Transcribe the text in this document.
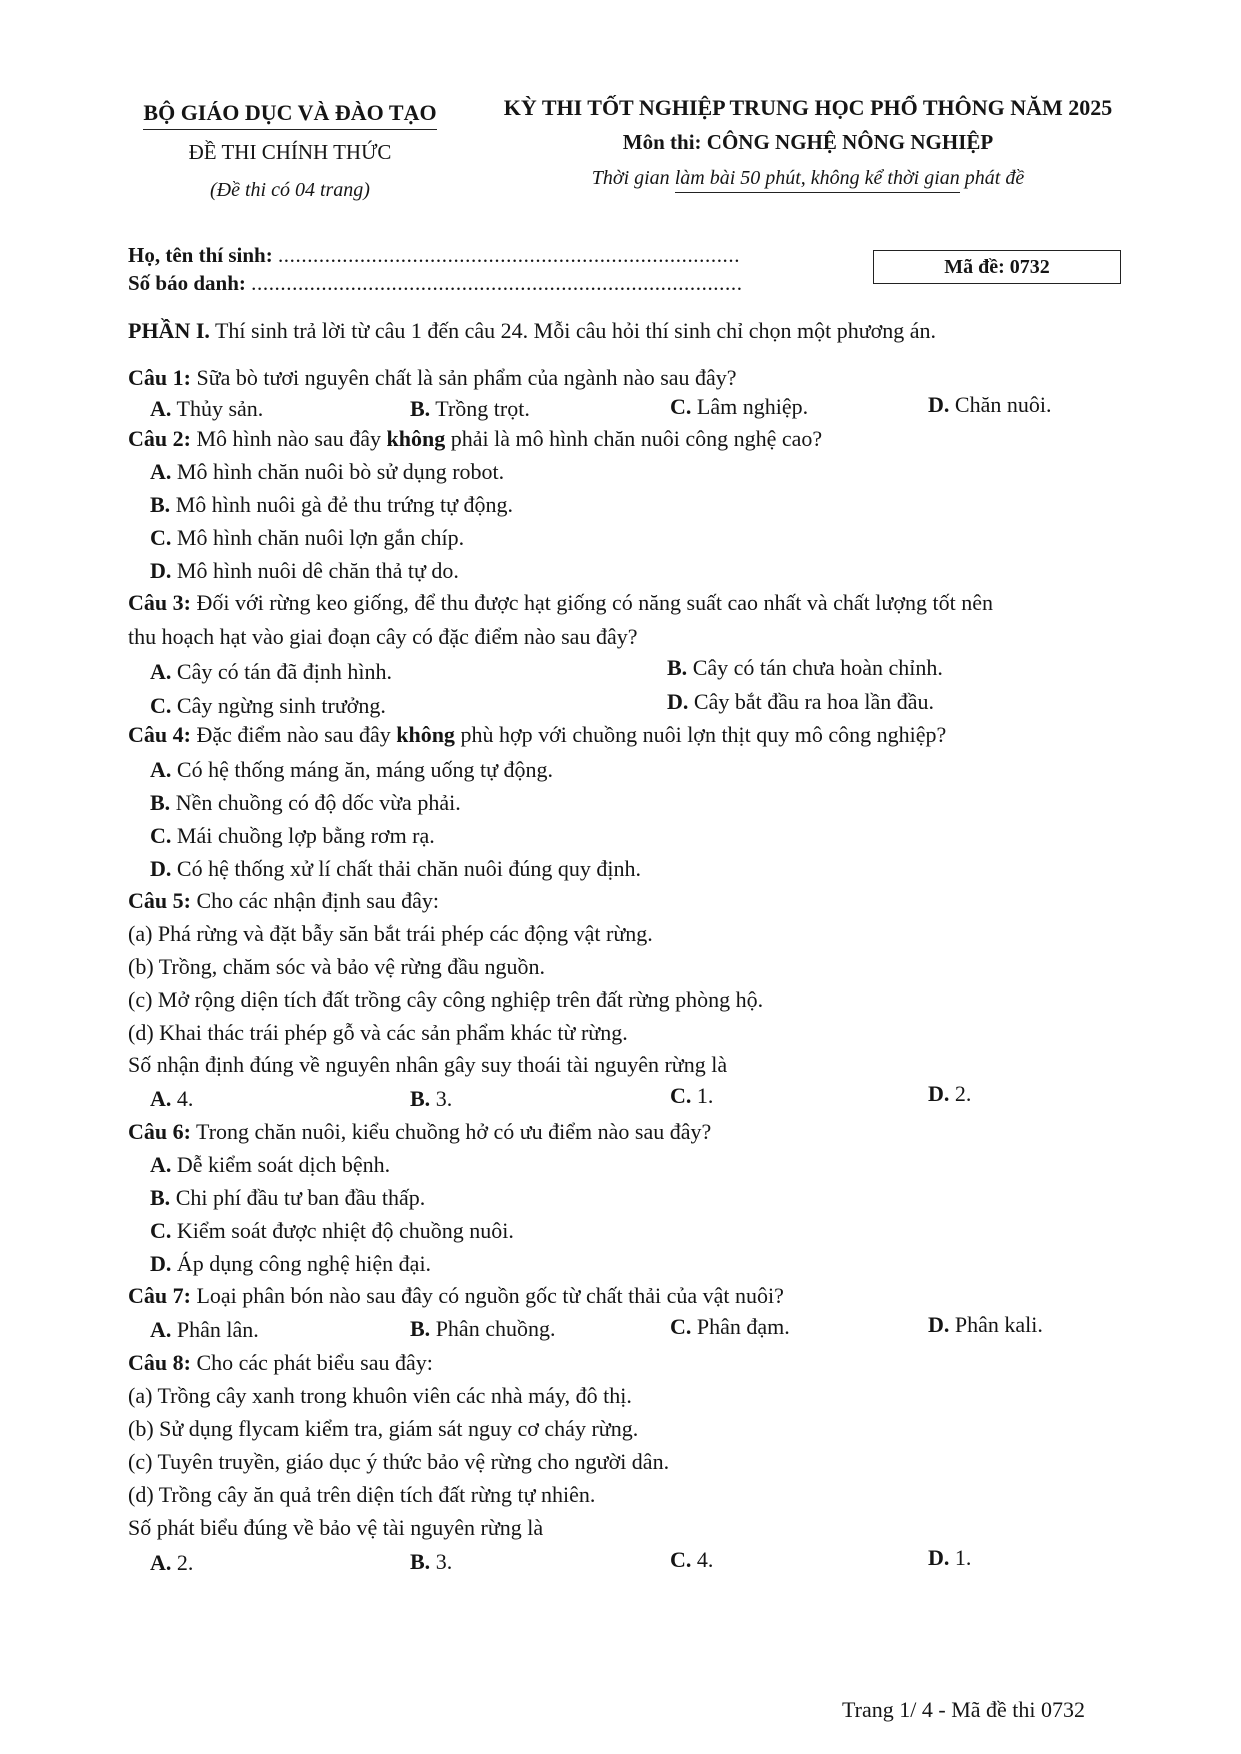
BỘ GIÁO DỤC VÀ ĐÀO TẠO
ĐỀ THI CHÍNH THỨC
(Đề thi có 04 trang)
KỲ THI TỐT NGHIỆP TRUNG HỌC PHỔ THÔNG NĂM 2025
Môn thi: CÔNG NGHỆ NÔNG NGHIỆP
Thời gian làm bài 50 phút, không kể thời gian phát đề
Họ, tên thí sinh: ...............................................................................
Số báo danh: ....................................................................................
Mã đề: 0732
PHẦN I. Thí sinh trả lời từ câu 1 đến câu 24. Mỗi câu hỏi thí sinh chỉ chọn một phương án.
Câu 1: Sữa bò tươi nguyên chất là sản phẩm của ngành nào sau đây?
A. Thủy sản.	B. Trồng trọt.	C. Lâm nghiệp.	D. Chăn nuôi.
Câu 2: Mô hình nào sau đây không phải là mô hình chăn nuôi công nghệ cao?
A. Mô hình chăn nuôi bò sử dụng robot.
B. Mô hình nuôi gà đẻ thu trứng tự động.
C. Mô hình chăn nuôi lợn gắn chíp.
D. Mô hình nuôi dê chăn thả tự do.
Câu 3: Đối với rừng keo giống, để thu được hạt giống có năng suất cao nhất và chất lượng tốt nên
thu hoạch hạt vào giai đoạn cây có đặc điểm nào sau đây?
A. Cây có tán đã định hình.	B. Cây có tán chưa hoàn chỉnh.
C. Cây ngừng sinh trưởng.	D. Cây bắt đầu ra hoa lần đầu.
Câu 4: Đặc điểm nào sau đây không phù hợp với chuồng nuôi lợn thịt quy mô công nghiệp?
A. Có hệ thống máng ăn, máng uống tự động.
B. Nền chuồng có độ dốc vừa phải.
C. Mái chuồng lợp bằng rơm rạ.
D. Có hệ thống xử lí chất thải chăn nuôi đúng quy định.
Câu 5: Cho các nhận định sau đây:
(a) Phá rừng và đặt bẫy săn bắt trái phép các động vật rừng.
(b) Trồng, chăm sóc và bảo vệ rừng đầu nguồn.
(c) Mở rộng diện tích đất trồng cây công nghiệp trên đất rừng phòng hộ.
(d) Khai thác trái phép gỗ và các sản phẩm khác từ rừng.
Số nhận định đúng về nguyên nhân gây suy thoái tài nguyên rừng là
A. 4.	B. 3.	C. 1.	D. 2.
Câu 6: Trong chăn nuôi, kiểu chuồng hở có ưu điểm nào sau đây?
A. Dễ kiểm soát dịch bệnh.
B. Chi phí đầu tư ban đầu thấp.
C. Kiểm soát được nhiệt độ chuồng nuôi.
D. Áp dụng công nghệ hiện đại.
Câu 7: Loại phân bón nào sau đây có nguồn gốc từ chất thải của vật nuôi?
A. Phân lân.	B. Phân chuồng.	C. Phân đạm.	D. Phân kali.
Câu 8: Cho các phát biểu sau đây:
(a) Trồng cây xanh trong khuôn viên các nhà máy, đô thị.
(b) Sử dụng flycam kiểm tra, giám sát nguy cơ cháy rừng.
(c) Tuyên truyền, giáo dục ý thức bảo vệ rừng cho người dân.
(d) Trồng cây ăn quả trên diện tích đất rừng tự nhiên.
Số phát biểu đúng về bảo vệ tài nguyên rừng là
A. 2.	B. 3.	C. 4.	D. 1.
Trang 1/ 4 - Mã đề thi 0732
